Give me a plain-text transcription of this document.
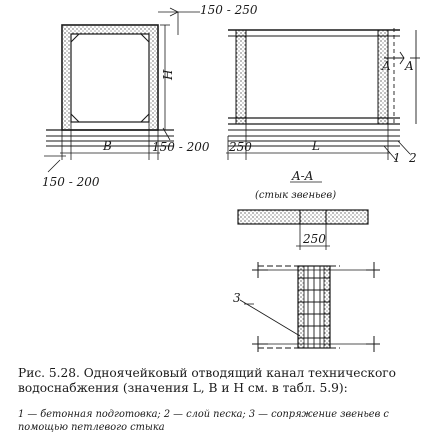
150 - 250
H
B
150 - 200
150 - 200 250	L
1 2
A A
A-A
(стык звеньев)
250
3
Рис. 5.28. Одноячейковый отводящий канал технического водоснабжения (значения L, B и H см. в табл. 5.9):
1 — бетонная подготовка; 2 — слой песка; 3 — сопряжение звеньев с помощью петлевого стыка
